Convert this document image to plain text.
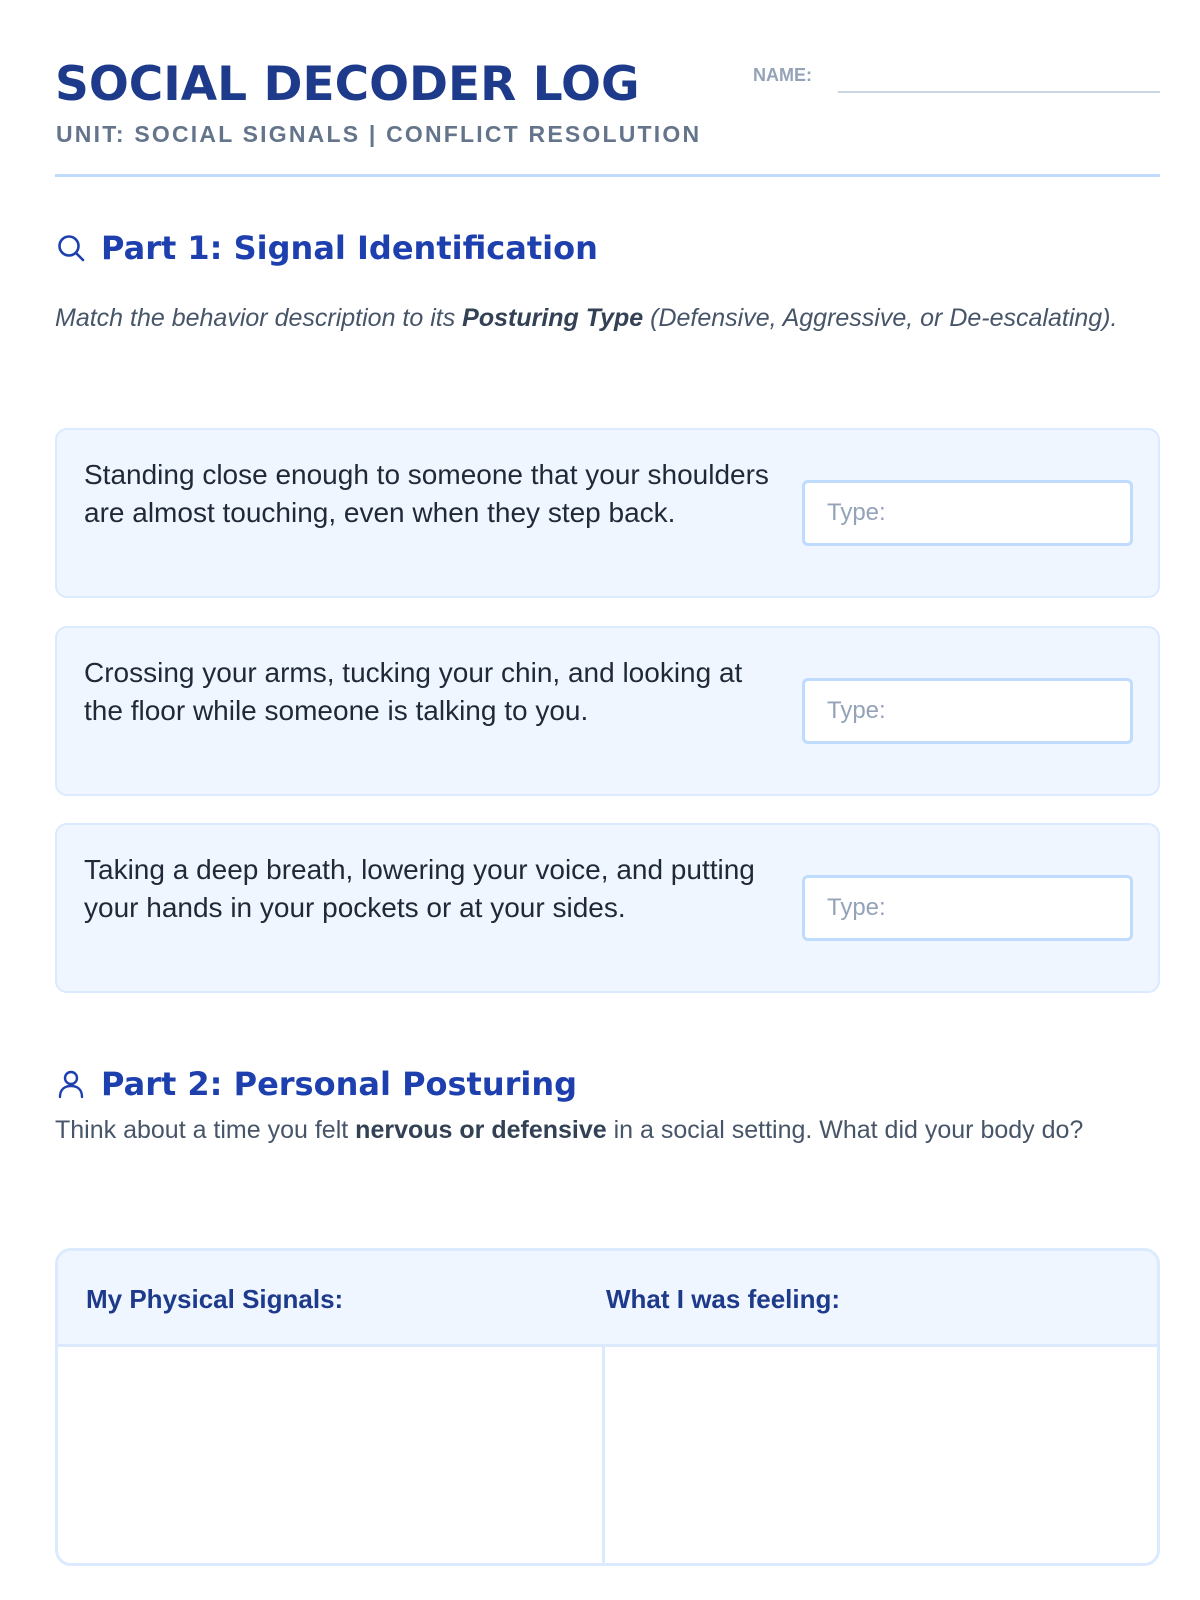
SOCIAL DECODER LOG
UNIT: SOCIAL SIGNALS | CONFLICT RESOLUTION
NAME:
Part 1: Signal Identification
Match the behavior description to its Posturing Type (Defensive, Aggressive, or De-escalating).
Standing close enough to someone that your shoulders are almost touching, even when they step back.
Type:
Crossing your arms, tucking your chin, and looking at the floor while someone is talking to you.
Type:
Taking a deep breath, lowering your voice, and putting your hands in your pockets or at your sides.
Type:
Part 2: Personal Posturing
Think about a time you felt nervous or defensive in a social setting. What did your body do?
My Physical Signals:	What I was feeling:
